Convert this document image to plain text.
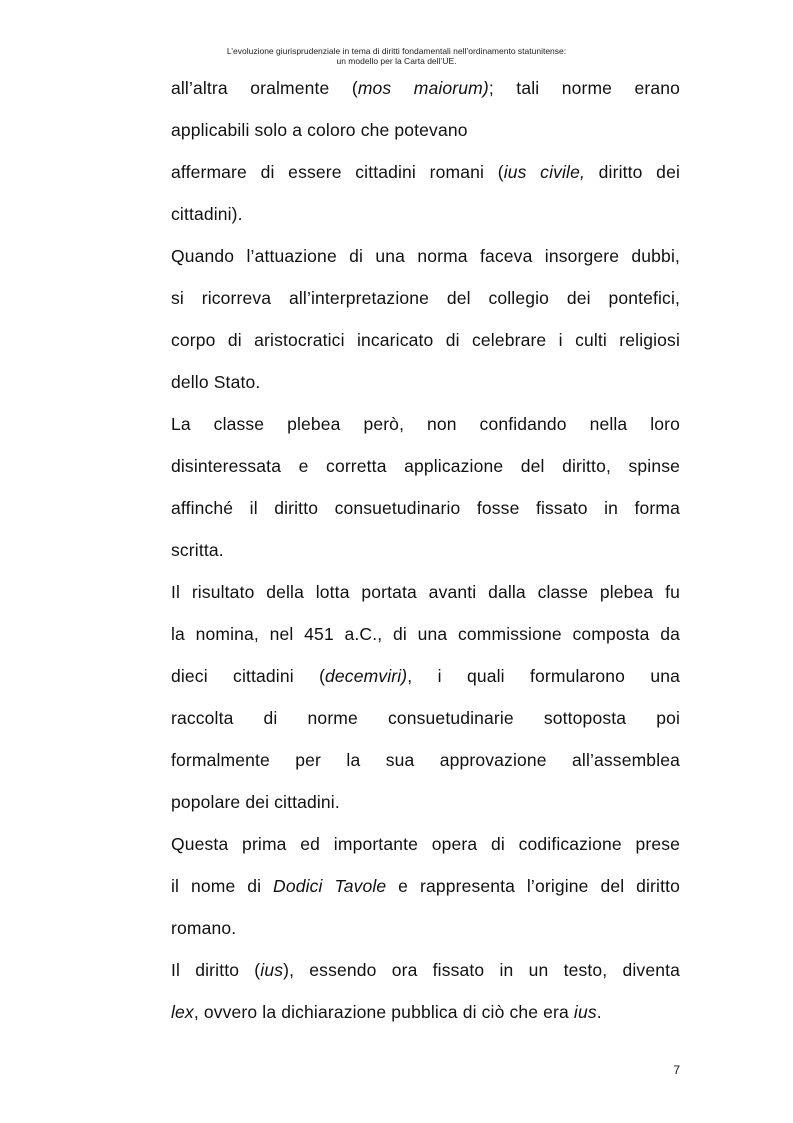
L’evoluzione giurisprudenziale in tema di diritti fondamentali nell’ordinamento statunitense:
un modello per la Carta dell’UE.
all’altra oralmente (mos maiorum); tali norme erano
applicabili solo a coloro che potevano
affermare di essere cittadini romani (ius civile, diritto dei
cittadini).
Quando l’attuazione di una norma faceva insorgere dubbi,
si ricorreva all’interpretazione del collegio dei pontefici,
corpo di aristocratici incaricato di celebrare i culti religiosi
dello Stato.
La classe plebea però, non confidando nella loro
disinteressata e corretta applicazione del diritto, spinse
affinché il diritto consuetudinario fosse fissato in forma
scritta.
Il risultato della lotta portata avanti dalla classe plebea fu
la nomina, nel 451 a.C., di una commissione composta da
dieci cittadini (decemviri), i quali formularono una
raccolta di norme consuetudinarie sottoposta poi
formalmente per la sua approvazione all’assemblea
popolare dei cittadini.
Questa prima ed importante opera di codificazione prese
il nome di Dodici Tavole e rappresenta l’origine del diritto
romano.
Il diritto (ius), essendo ora fissato in un testo, diventa
lex, ovvero la dichiarazione pubblica di ciò che era ius.
7
